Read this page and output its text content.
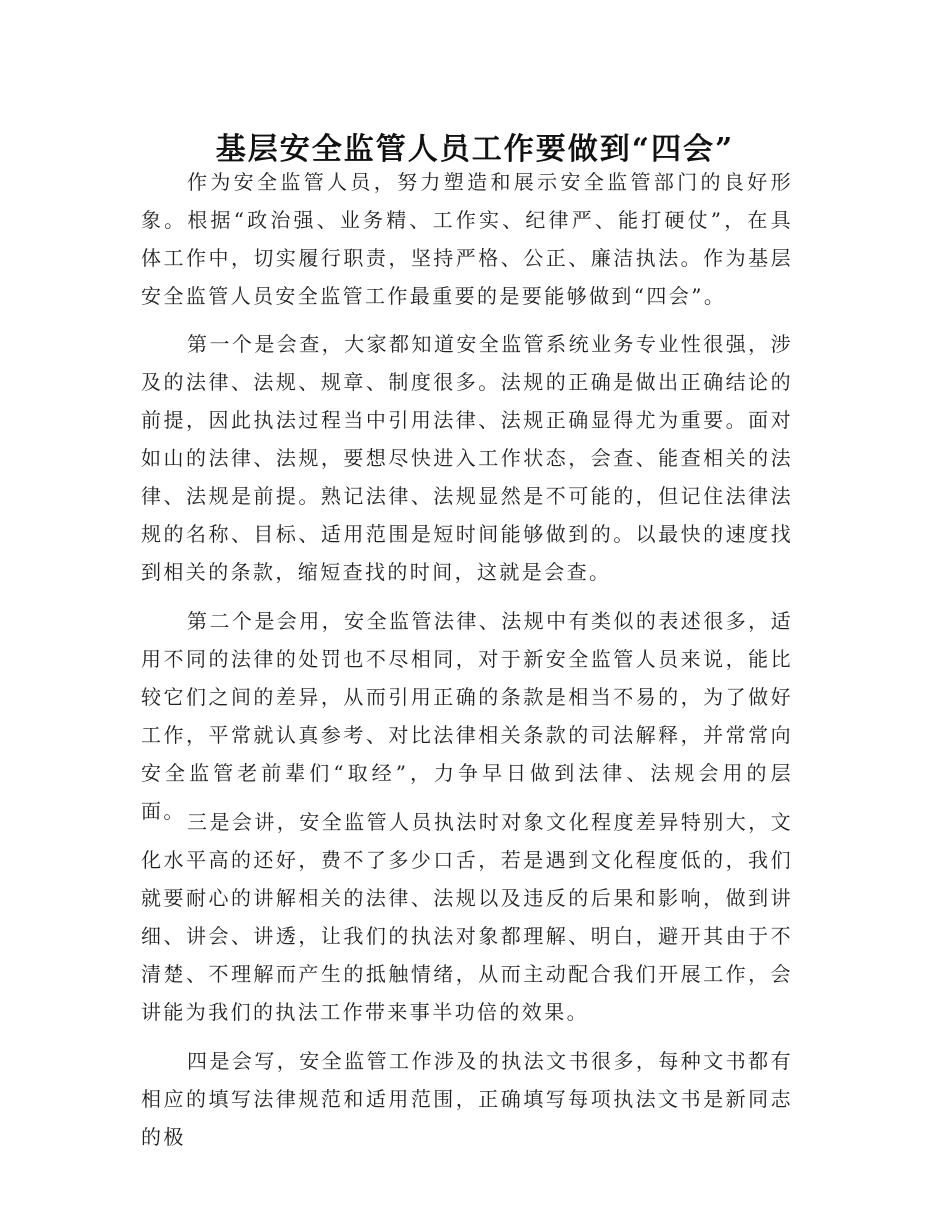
基层安全监管人员工作要做到“四会”

作为安全监管人员，努力塑造和展示安全监管部门的良好形象。根据“政治强、业务精、工作实、纪律严、能打硬仗”，在具体工作中，切实履行职责，坚持严格、公正、廉洁执法。作为基层安全监管人员安全监管工作最重要的是要能够做到“四会”。

第一个是会查，大家都知道安全监管系统业务专业性很强，涉及的法律、法规、规章、制度很多。法规的正确是做出正确结论的前提，因此执法过程当中引用法律、法规正确显得尤为重要。面对如山的法律、法规，要想尽快进入工作状态，会查、能查相关的法律、法规是前提。熟记法律、法规显然是不可能的，但记住法律法规的名称、目标、适用范围是短时间能够做到的。以最快的速度找到相关的条款，缩短查找的时间，这就是会查。

第二个是会用，安全监管法律、法规中有类似的表述很多，适用不同的法律的处罚也不尽相同，对于新安全监管人员来说，能比较它们之间的差异，从而引用正确的条款是相当不易的，为了做好工作，平常就认真参考、对比法律相关条款的司法解释，并常常向安全监管老前辈们“取经”，力争早日做到法律、法规会用的层面。 三是会讲，安全监管人员执法时对象文化程度差异特别大，文化水平高的还好，费不了多少口舌，若是遇到文化程度低的，我们就要耐心的讲解相关的法律、法规以及违反的后果和影响，做到讲细、讲会、讲透，让我们的执法对象都理解、明白，避开其由于不清楚、不理解而产生的抵触情绪，从而主动配合我们开展工作，会讲能为我们的执法工作带来事半功倍的效果。

四是会写，安全监管工作涉及的执法文书很多，每种文书都有相应的填写法律规范和适用范围，正确填写每项执法文书是新同志的极
